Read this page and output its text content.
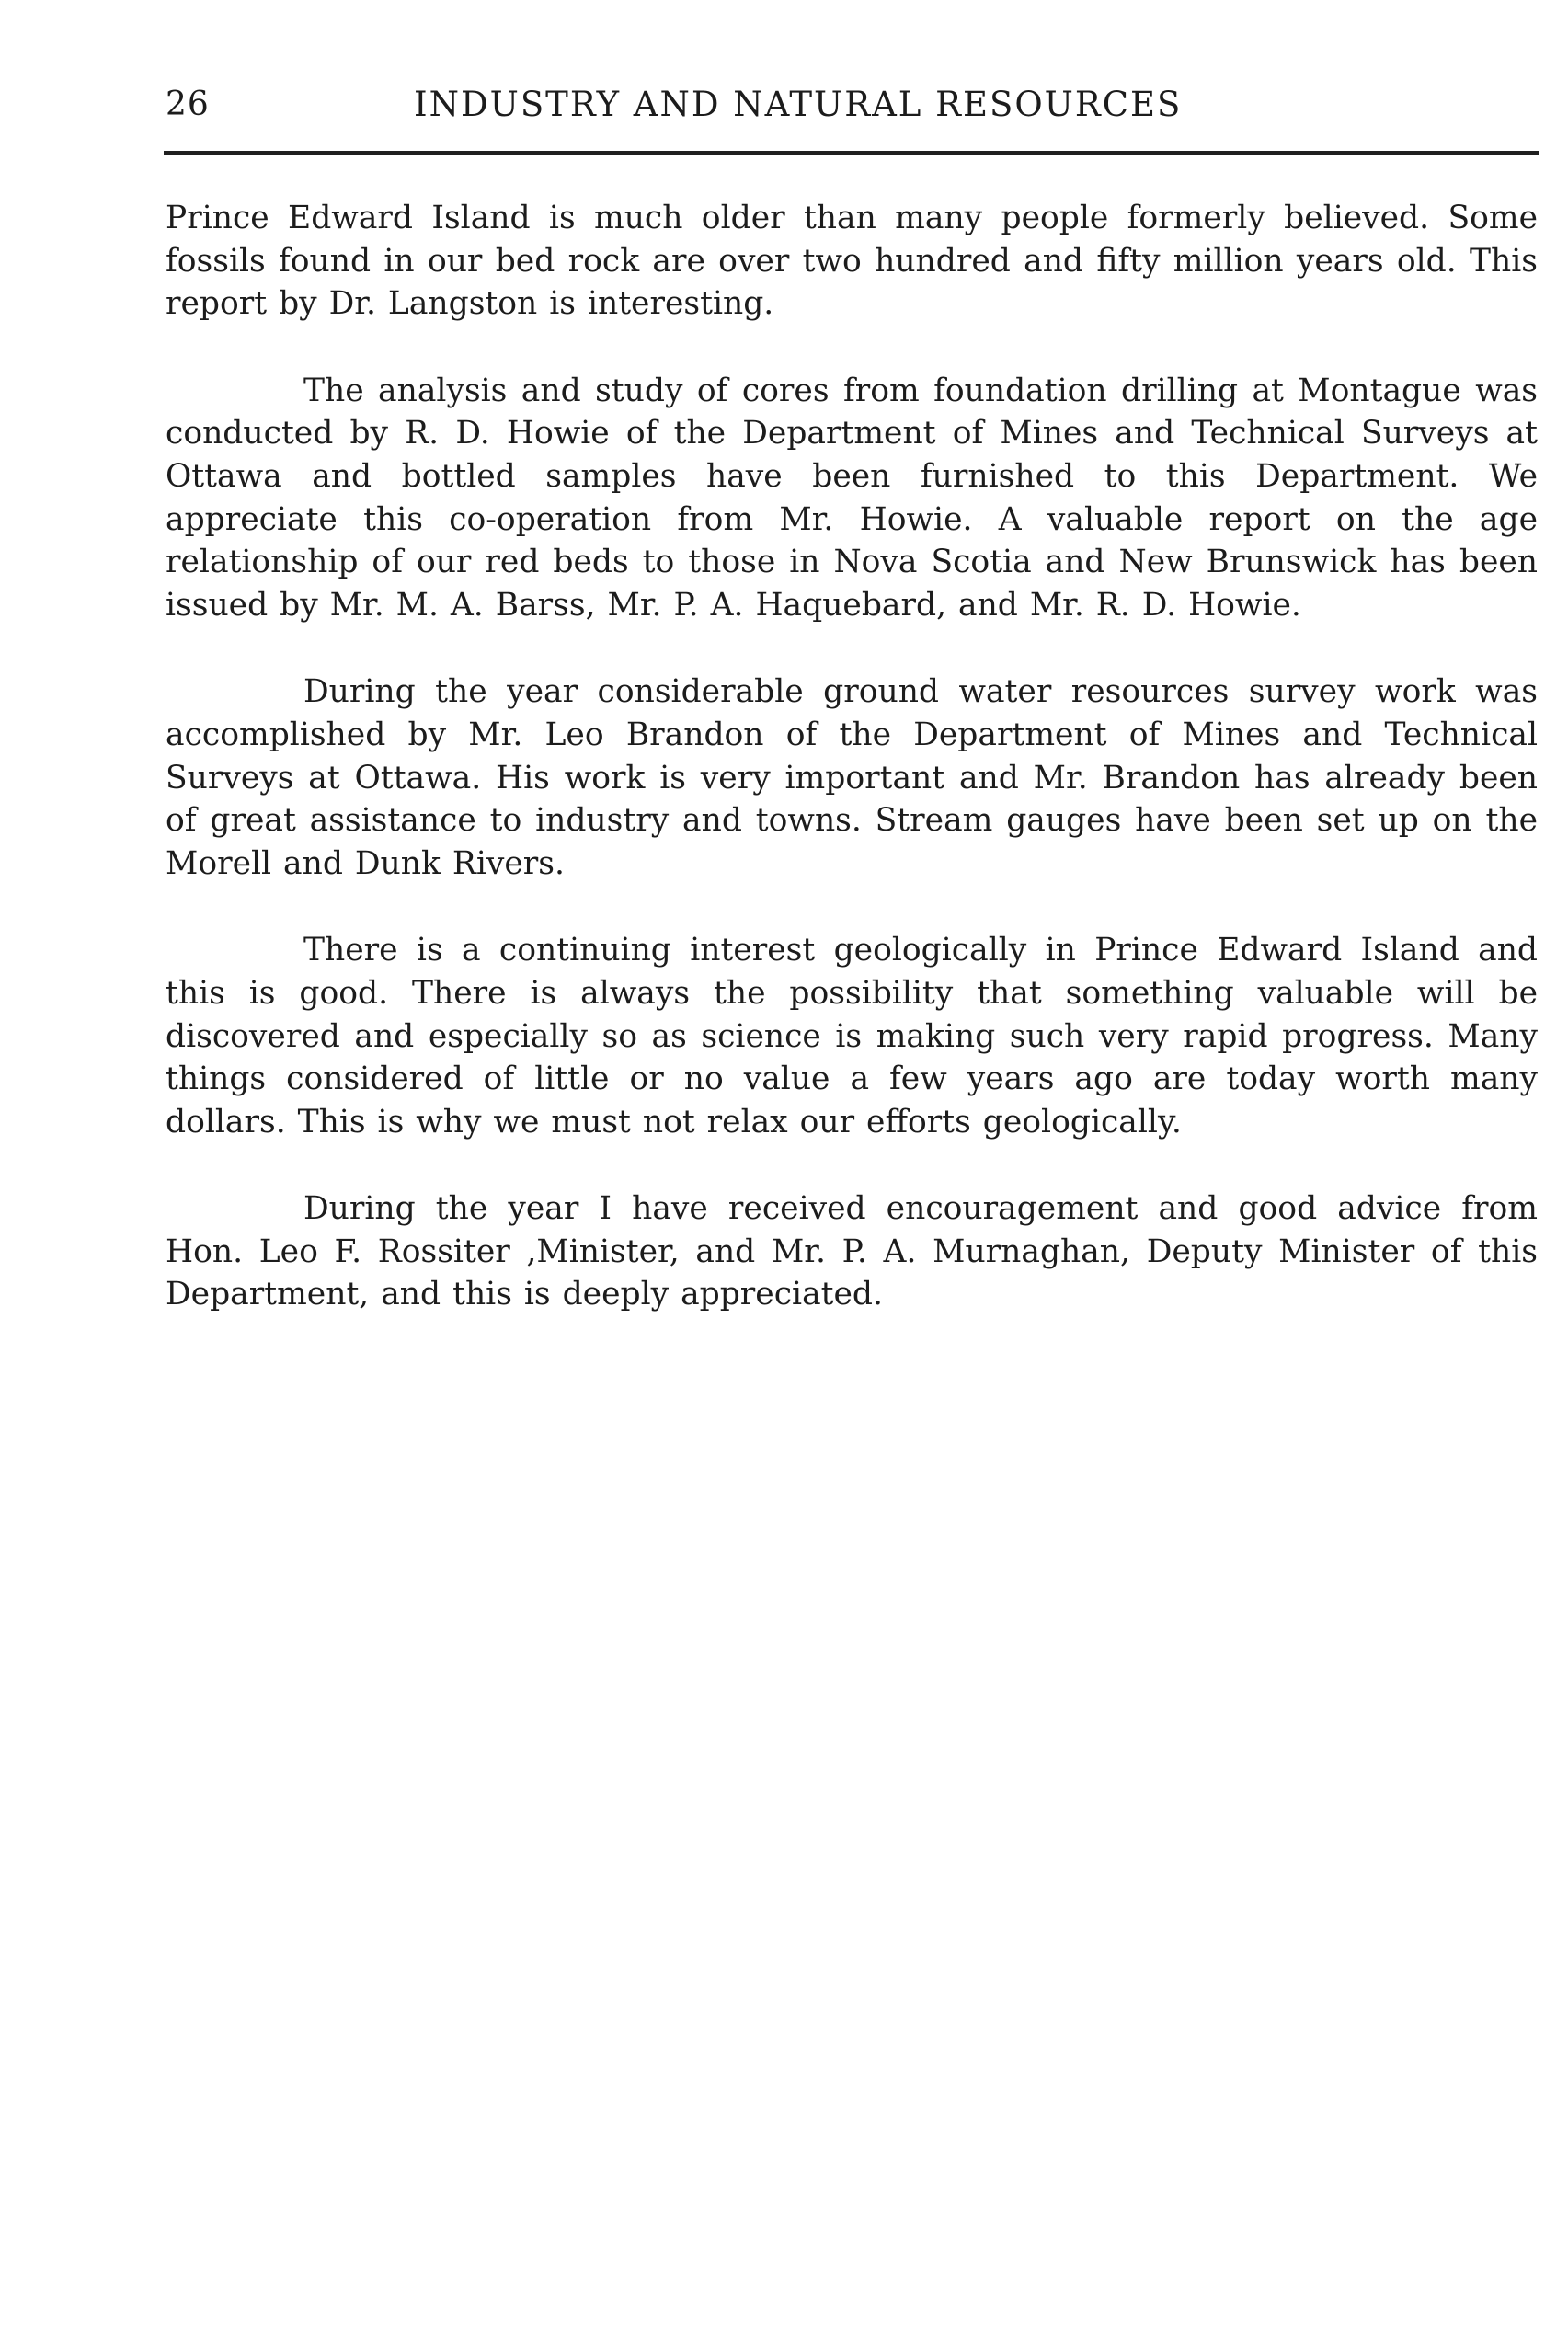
26	INDUSTRY AND NATURAL RESOURCES

Prince Edward Island is much older than many people formerly believed. Some fossils found in our bed rock are over two hundred and fifty million years old. This report by Dr. Langston is interesting.

The analysis and study of cores from foundation drilling at Montague was conducted by R. D. Howie of the Department of Mines and Technical Surveys at Ottawa and bottled samples have been furnished to this Department. We appreciate this co-operation from Mr. Howie. A valuable report on the age relationship of our red beds to those in Nova Scotia and New Brunswick has been issued by Mr. M. A. Barss, Mr. P. A. Haquebard, and Mr. R. D. Howie.

During the year considerable ground water resources survey work was accomplished by Mr. Leo Brandon of the Department of Mines and Technical Surveys at Ottawa. His work is very important and Mr. Brandon has already been of great assistance to industry and towns. Stream gauges have been set up on the Morell and Dunk Rivers.

There is a continuing interest geologically in Prince Edward Island and this is good. There is always the possibility that something valuable will be discovered and especially so as science is making such very rapid progress. Many things considered of little or no value a few years ago are today worth many dollars. This is why we must not relax our efforts geologically.

During the year I have received encouragement and good advice from Hon. Leo F. Rossiter ,Minister, and Mr. P. A. Murnaghan, Deputy Minister of this Department, and this is deeply appreciated.
